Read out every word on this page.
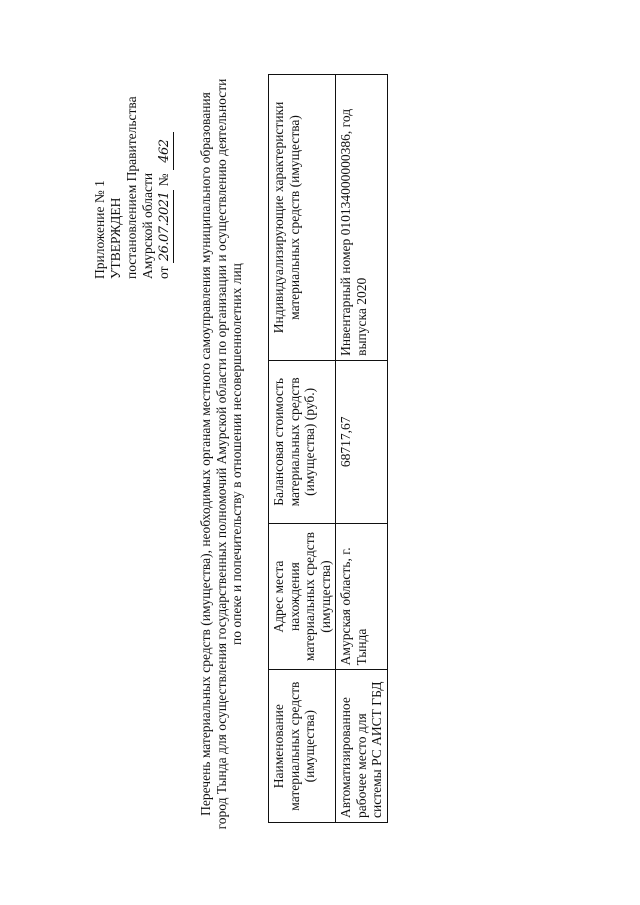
Приложение № 1 УТВЕРЖДЕН постановлением Правительства Амурской области от 26.07.2021 № 462 Перечень материальных средств (имущества), необходимых органам местного самоуправления муниципального образования город Тында для осуществления государственных полномочий Амурской области по организации и осуществлению деятельности по опеке и попечительству в отношении несовершеннолетних лиц
Наименование материальных средств (имущества)	Адрес места нахождения материальных средств (имущества)	Балансовая стоимость материальных средств (имущества) (руб.)	Индивидуализирующие характеристики материальных средств (имущества)
Автоматизированное рабочее место для системы РС АИСТ ГБД	Амурская область, г. Тында	68717,67	Инвентарный номер 010134000000386, год выпуска 2020
